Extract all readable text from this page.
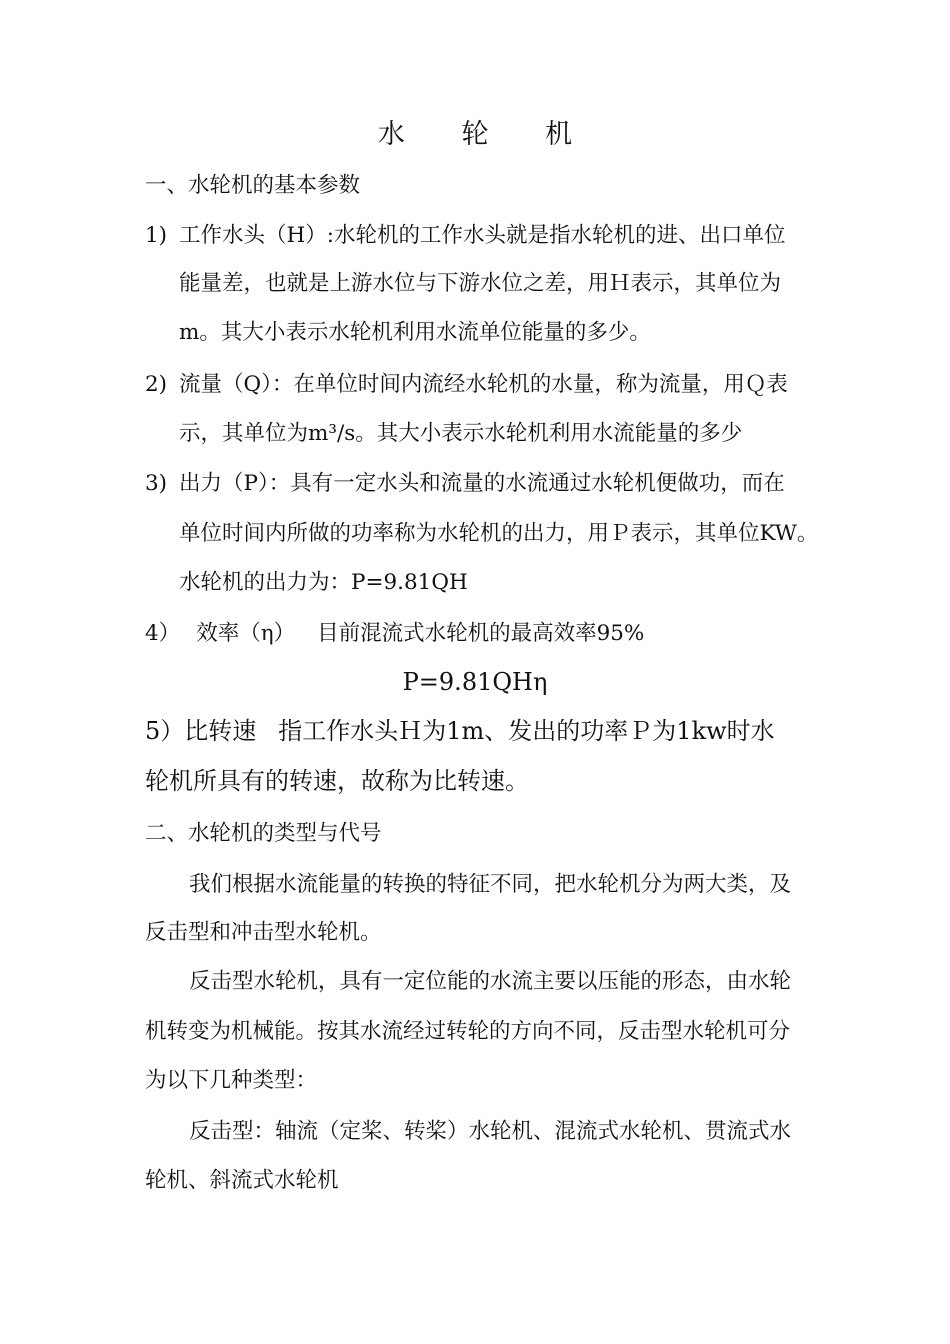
水 轮 机
一、水轮机的基本参数
1) 工作水头（H）:水轮机的工作水头就是指水轮机的进、出口单位
能量差，也就是上游水位与下游水位之差，用Ｈ表示，其单位为
m。其大小表示水轮机利用水流单位能量的多少。
2) 流量（Q）：在单位时间内流经水轮机的水量，称为流量，用Ｑ表
示，其单位为m³/s。其大小表示水轮机利用水流能量的多少
3) 出力（P）：具有一定水头和流量的水流通过水轮机便做功，而在
单位时间内所做的功率称为水轮机的出力，用Ｐ表示，其单位KW。
水轮机的出力为：P=9.81QH
4） 效率（η） 目前混流式水轮机的最高效率95%
P=9.81QHη
5）比转速 指工作水头Ｈ为1m、发出的功率Ｐ为1kw时水
轮机所具有的转速，故称为比转速。
二、水轮机的类型与代号
我们根据水流能量的转换的特征不同，把水轮机分为两大类，及
反击型和冲击型水轮机。
反击型水轮机，具有一定位能的水流主要以压能的形态，由水轮
机转变为机械能。按其水流经过转轮的方向不同，反击型水轮机可分
为以下几种类型：
反击型：轴流（定桨、转桨）水轮机、混流式水轮机、贯流式水
轮机、斜流式水轮机
